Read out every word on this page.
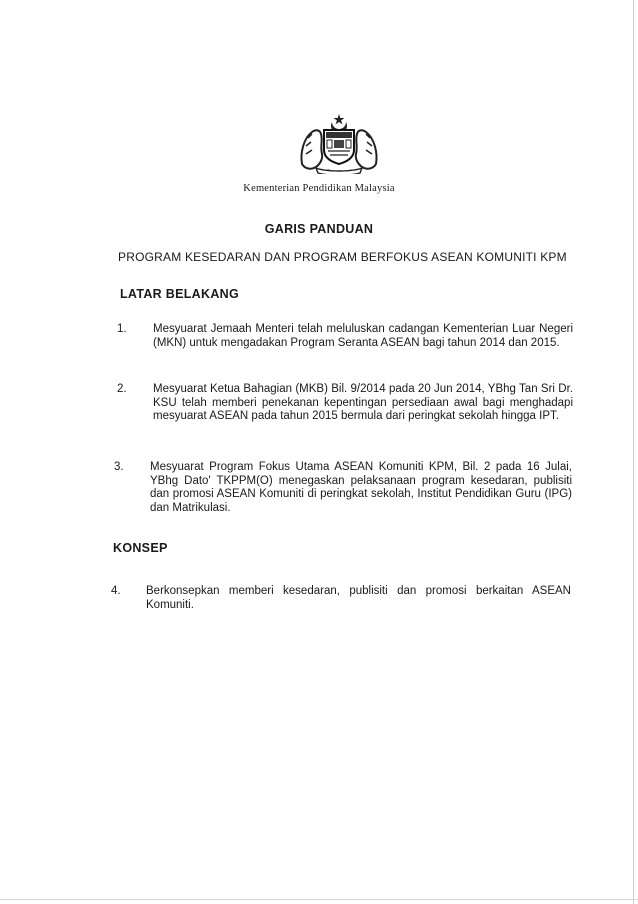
Kementerian Pendidikan Malaysia
GARIS PANDUAN
PROGRAM KESEDARAN DAN PROGRAM BERFOKUS ASEAN KOMUNITI KPM
LATAR BELAKANG
1. Mesyuarat Jemaah Menteri telah meluluskan cadangan Kementerian Luar Negeri (MKN) untuk mengadakan Program Seranta ASEAN bagi tahun 2014 dan 2015.
2. Mesyuarat Ketua Bahagian (MKB) Bil. 9/2014 pada 20 Jun 2014, YBhg Tan Sri Dr. KSU telah memberi penekanan kepentingan persediaan awal bagi menghadapi mesyuarat ASEAN pada tahun 2015 bermula dari peringkat sekolah hingga IPT.
3. Mesyuarat Program Fokus Utama ASEAN Komuniti KPM, Bil. 2 pada 16 Julai, YBhg Dato' TKPPM(O) menegaskan pelaksanaan program kesedaran, publisiti dan promosi ASEAN Komuniti di peringkat sekolah, Institut Pendidikan Guru (IPG) dan Matrikulasi.
KONSEP
4. Berkonsepkan memberi kesedaran, publisiti dan promosi berkaitan ASEAN Komuniti.
